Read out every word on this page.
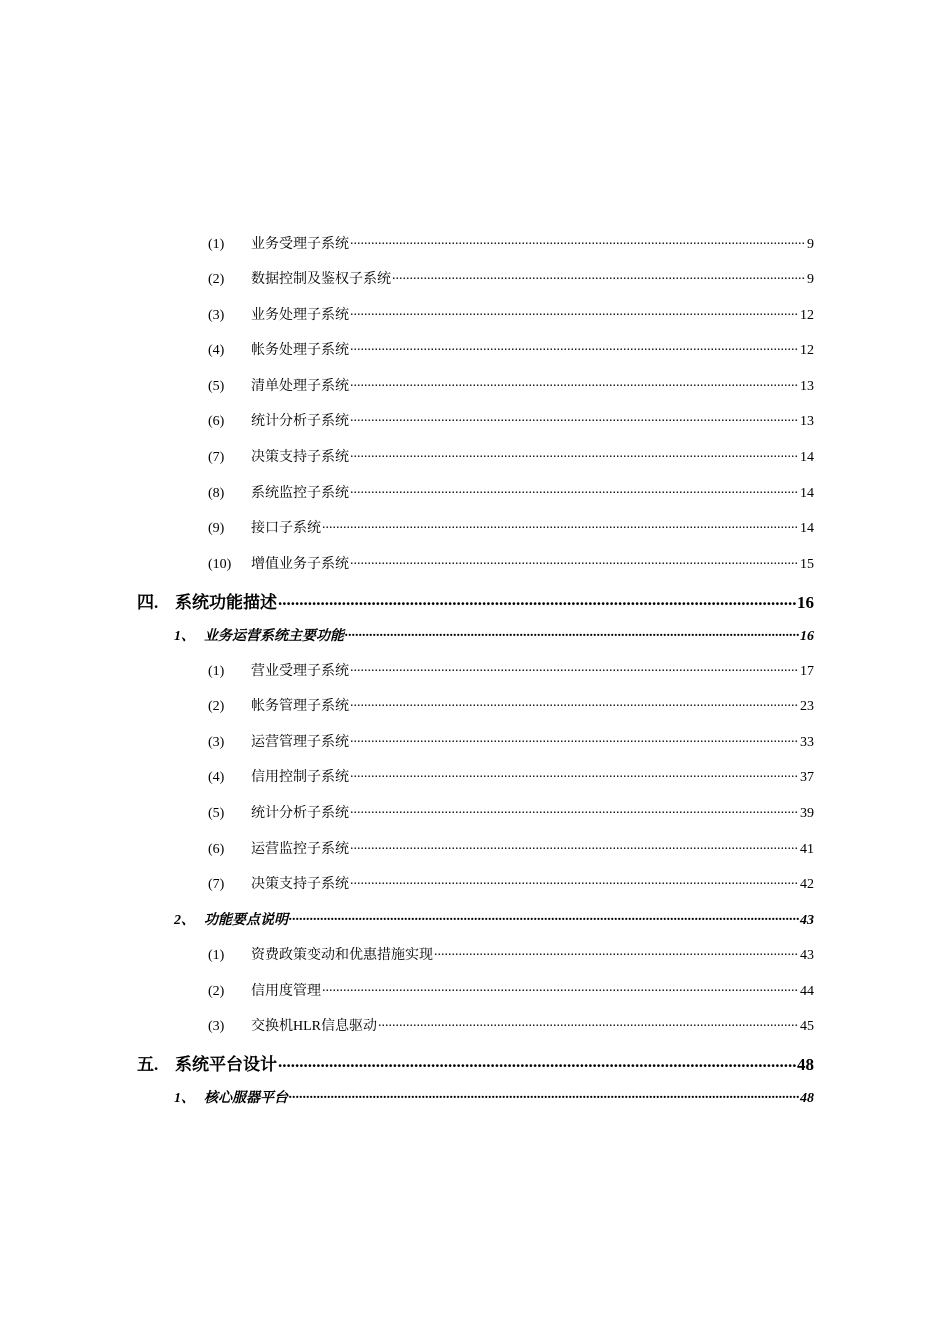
(1)	业务受理子系统 .....	9
(2)	数据控制及鉴权子系统 .....	9
(3)	业务处理子系统 .....	12
(4)	帐务处理子系统 .....	12
(5)	清单处理子系统 .....	13
(6)	统计分析子系统 .....	13
(7)	决策支持子系统 .....	14
(8)	系统监控子系统 .....	14
(9)	接口子系统 .....	14
(10)	增值业务子系统 .....	15
四. 系统功能描述 .....	16
1、 业务运营系统主要功能 .....	16
(1)	营业受理子系统 .....	17
(2)	帐务管理子系统 .....	23
(3)	运营管理子系统 .....	33
(4)	信用控制子系统 .....	37
(5)	统计分析子系统 .....	39
(6)	运营监控子系统 .....	41
(7)	决策支持子系统 .....	42
2、 功能要点说明 .....	43
(1)	资费政策变动和优惠措施实现 .....	43
(2)	信用度管理 .....	44
(3)	交换机HLR信息驱动 .....	45
五. 系统平台设计 .....	48
1、 核心服器平台 .....	48
